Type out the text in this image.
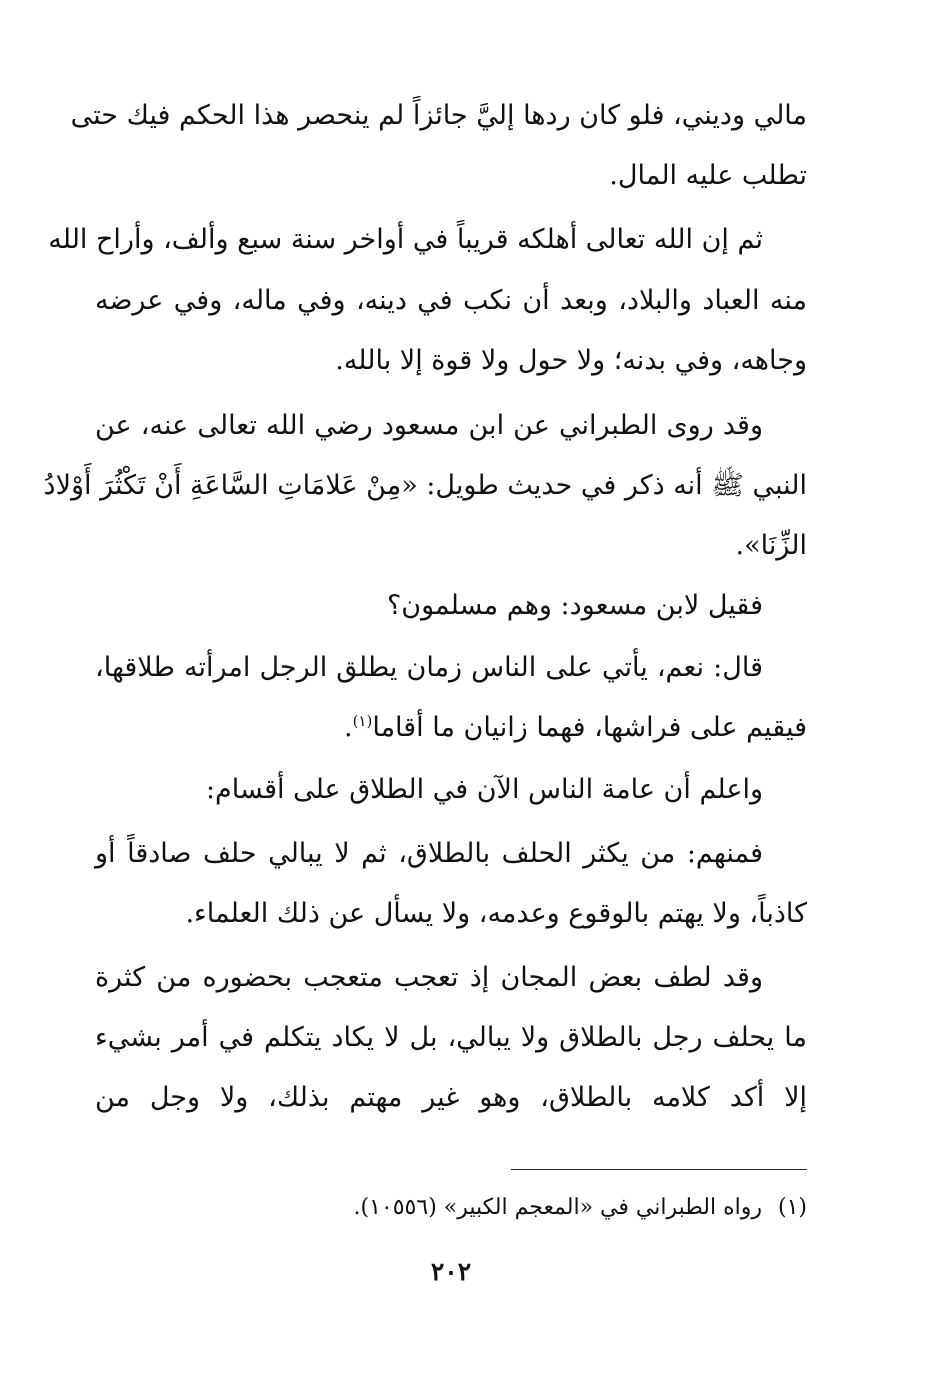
مالي وديني، فلو كان ردها إليَّ جائزاً لم ينحصر هذا الحكم فيك حتى
تطلب عليه المال.
ثم إن الله تعالى أهلكه قريباً في أواخر سنة سبع وألف، وأراح الله
منه العباد والبلاد، وبعد أن نكب في دينه، وفي ماله، وفي عرضه
وجاهه، وفي بدنه؛ ولا حول ولا قوة إلا بالله.
وقد روى الطبراني عن ابن مسعود رضي الله تعالى عنه، عن
النبي ﷺ أنه ذكر في حديث طويل: «مِنْ عَلامَاتِ السَّاعَةِ أَنْ تَكْثُرَ أَوْلادُ
الزِّنَا».
فقيل لابن مسعود: وهم مسلمون؟
قال: نعم، يأتي على الناس زمان يطلق الرجل امرأته طلاقها،
فيقيم على فراشها، فهما زانيان ما أقاما$^{(١)}$.
واعلم أن عامة الناس الآن في الطلاق على أقسام:
فمنهم: من يكثر الحلف بالطلاق، ثم لا يبالي حلف صادقاً أو
كاذباً، ولا يهتم بالوقوع وعدمه، ولا يسأل عن ذلك العلماء.
وقد لطف بعض المجان إذ تعجب متعجب بحضوره من كثرة
ما يحلف رجل بالطلاق ولا يبالي، بل لا يكاد يتكلم في أمر بشيء
إلا أكد كلامه بالطلاق، وهو غير مهتم بذلك، ولا وجل من
(١)رواه الطبراني في «المعجم الكبير» (١٠٥٥٦).
٢٠٢
